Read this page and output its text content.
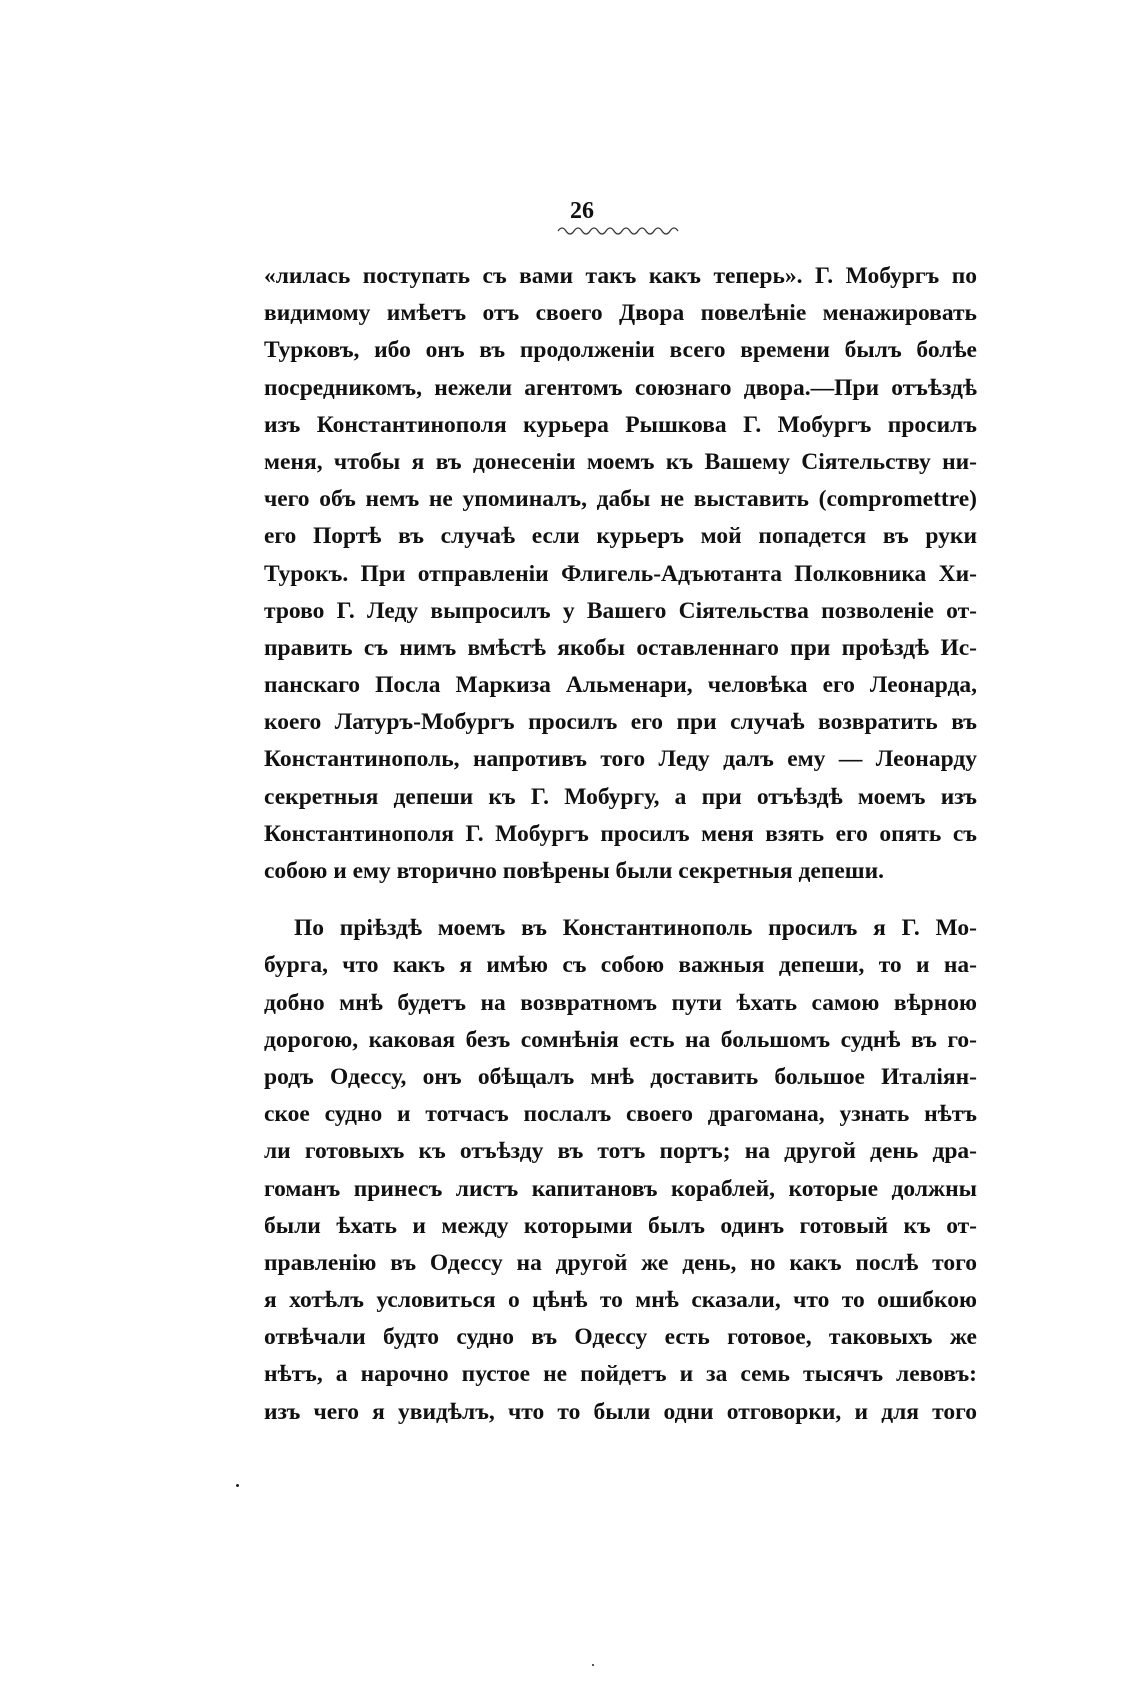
26
«лилась поступать съ вами такъ какъ теперь». Г. Мобургъ по
видимому имѣетъ отъ своего Двора повелѣніе менажировать
Турковъ, ибо онъ въ продолженіи всего времени былъ болѣе
посредникомъ, нежели агентомъ союзнаго двора.—При отъѣздѣ
изъ Константинополя курьера Рышкова Г. Мобургъ просилъ
меня, чтобы я въ донесеніи моемъ къ Вашему Сіятельству ни-
чего объ немъ не упоминалъ, дабы не выставить (compromettre)
его Портѣ въ случаѣ если курьеръ мой попадется въ руки
Турокъ. При отправленіи Флигель-Адъютанта Полковника Хи-
трово Г. Леду выпросилъ у Вашего Сіятельства позволеніе от-
править съ нимъ вмѣстѣ якобы оставленнаго при проѣздѣ Ис-
панскаго Посла Маркиза Альменари, человѣка его Леонарда,
коего Латуръ-Мобургъ просилъ его при случаѣ возвратить въ
Константинополь, напротивъ того Леду далъ ему — Леонарду
секретныя депеши къ Г. Мобургу, а при отъѣздѣ моемъ изъ
Константинополя Г. Мобургъ просилъ меня взять его опять съ
собою и ему вторично повѣрены были секретныя депеши.
По пріѣздѣ моемъ въ Константинополь просилъ я Г. Мо-
бурга, что какъ я имѣю съ собою важныя депеши, то и на-
добно мнѣ будетъ на возвратномъ пути ѣхать самою вѣрною
дорогою, каковая безъ сомнѣнія есть на большомъ суднѣ въ го-
родъ Одессу, онъ обѣщалъ мнѣ доставить большое Италіян-
ское судно и тотчасъ послалъ своего драгомана, узнать нѣтъ
ли готовыхъ къ отъѣзду въ тотъ портъ; на другой день дра-
гоманъ принесъ листъ капитановъ кораблей, которые должны
были ѣхать и между которыми былъ одинъ готовый къ от-
правленію въ Одессу на другой же день, но какъ послѣ того
я хотѣлъ условиться о цѣнѣ то мнѣ сказали, что то ошибкою
отвѣчали будто судно въ Одессу есть готовое, таковыхъ же
нѣтъ, а нарочно пустое не пойдетъ и за семь тысячъ левовъ:
изъ чего я увидѣлъ, что то были одни отговорки, и для того
